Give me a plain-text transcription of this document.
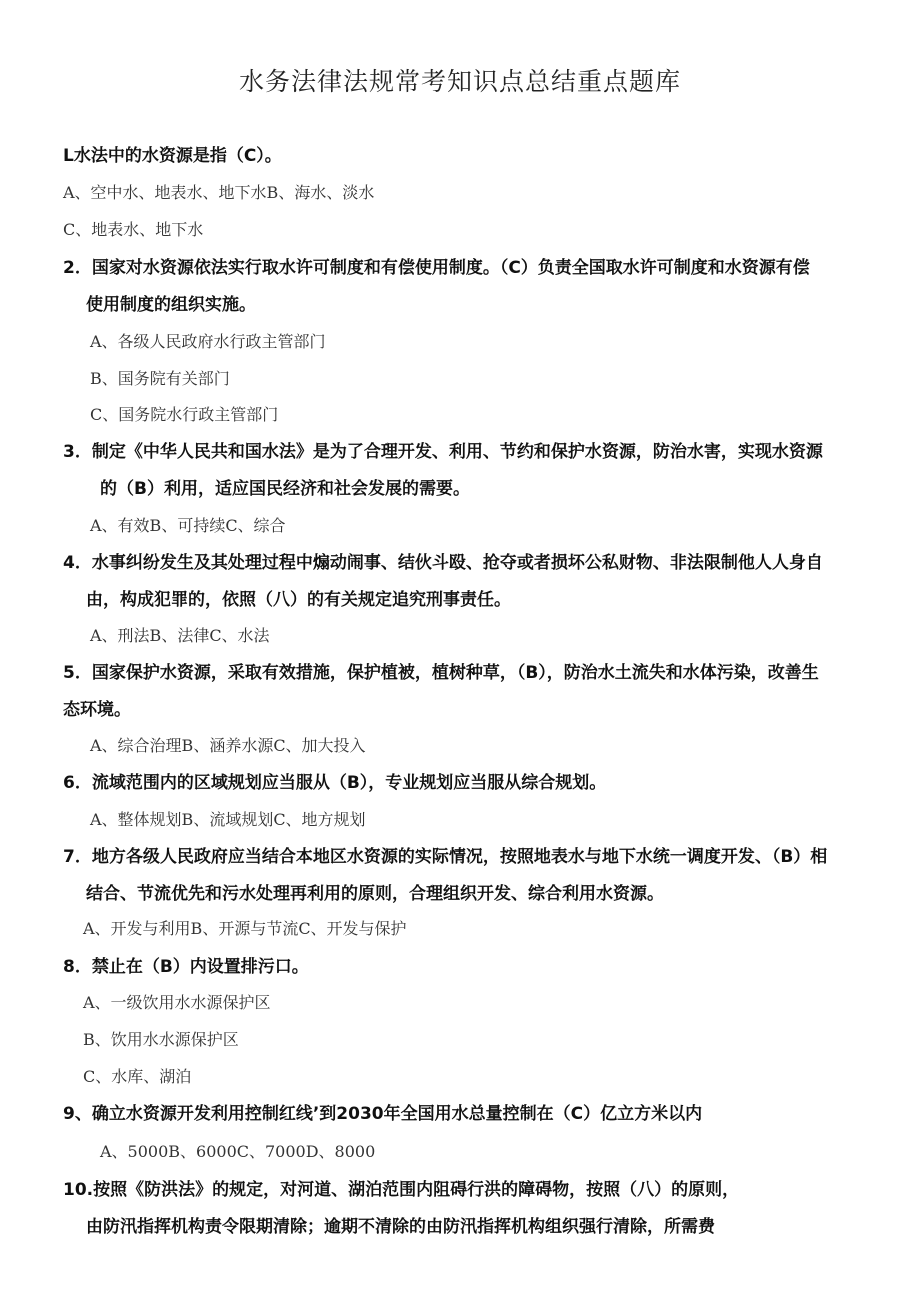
水务法律法规常考知识点总结重点题库
L水法中的水资源是指（C）。
A、空中水、地表水、地下水B、海水、淡水
C、地表水、地下水
2．国家对水资源依法实行取水许可制度和有偿使用制度。（C）负责全国取水许可制度和水资源有偿
使用制度的组织实施。
A、各级人民政府水行政主管部门
B、国务院有关部门
C、国务院水行政主管部门
3．制定《中华人民共和国水法》是为了合理开发、利用、节约和保护水资源，防治水害，实现水资源
的（B）利用，适应国民经济和社会发展的需要。
A、有效B、可持续C、综合
4．水事纠纷发生及其处理过程中煽动闹事、结伙斗殴、抢夺或者损坏公私财物、非法限制他人人身自
由，构成犯罪的，依照（八）的有关规定追究刑事责任。
A、刑法B、法律C、水法
5．国家保护水资源，采取有效措施，保护植被，植树种草，（B），防治水土流失和水体污染，改善生
态环境。
A、综合治理B、涵养水源C、加大投入
6．流域范围内的区域规划应当服从（B），专业规划应当服从综合规划。
A、整体规划B、流域规划C、地方规划
7．地方各级人民政府应当结合本地区水资源的实际情况，按照地表水与地下水统一调度开发、（B）相
结合、节流优先和污水处理再利用的原则，合理组织开发、综合利用水资源。
A、开发与利用B、开源与节流C、开发与保护
8．禁止在（B）内设置排污口。
A、一级饮用水水源保护区
B、饮用水水源保护区
C、水库、湖泊
9、确立水资源开发利用控制红线’到2030年全国用水总量控制在（C）亿立方米以内
A、5000B、6000C、7000D、8000
10.按照《防洪法》的规定，对河道、湖泊范围内阻碍行洪的障碍物，按照（八）的原则，
由防汛指挥机构责令限期清除；逾期不清除的由防汛指挥机构组织强行清除，所需费
